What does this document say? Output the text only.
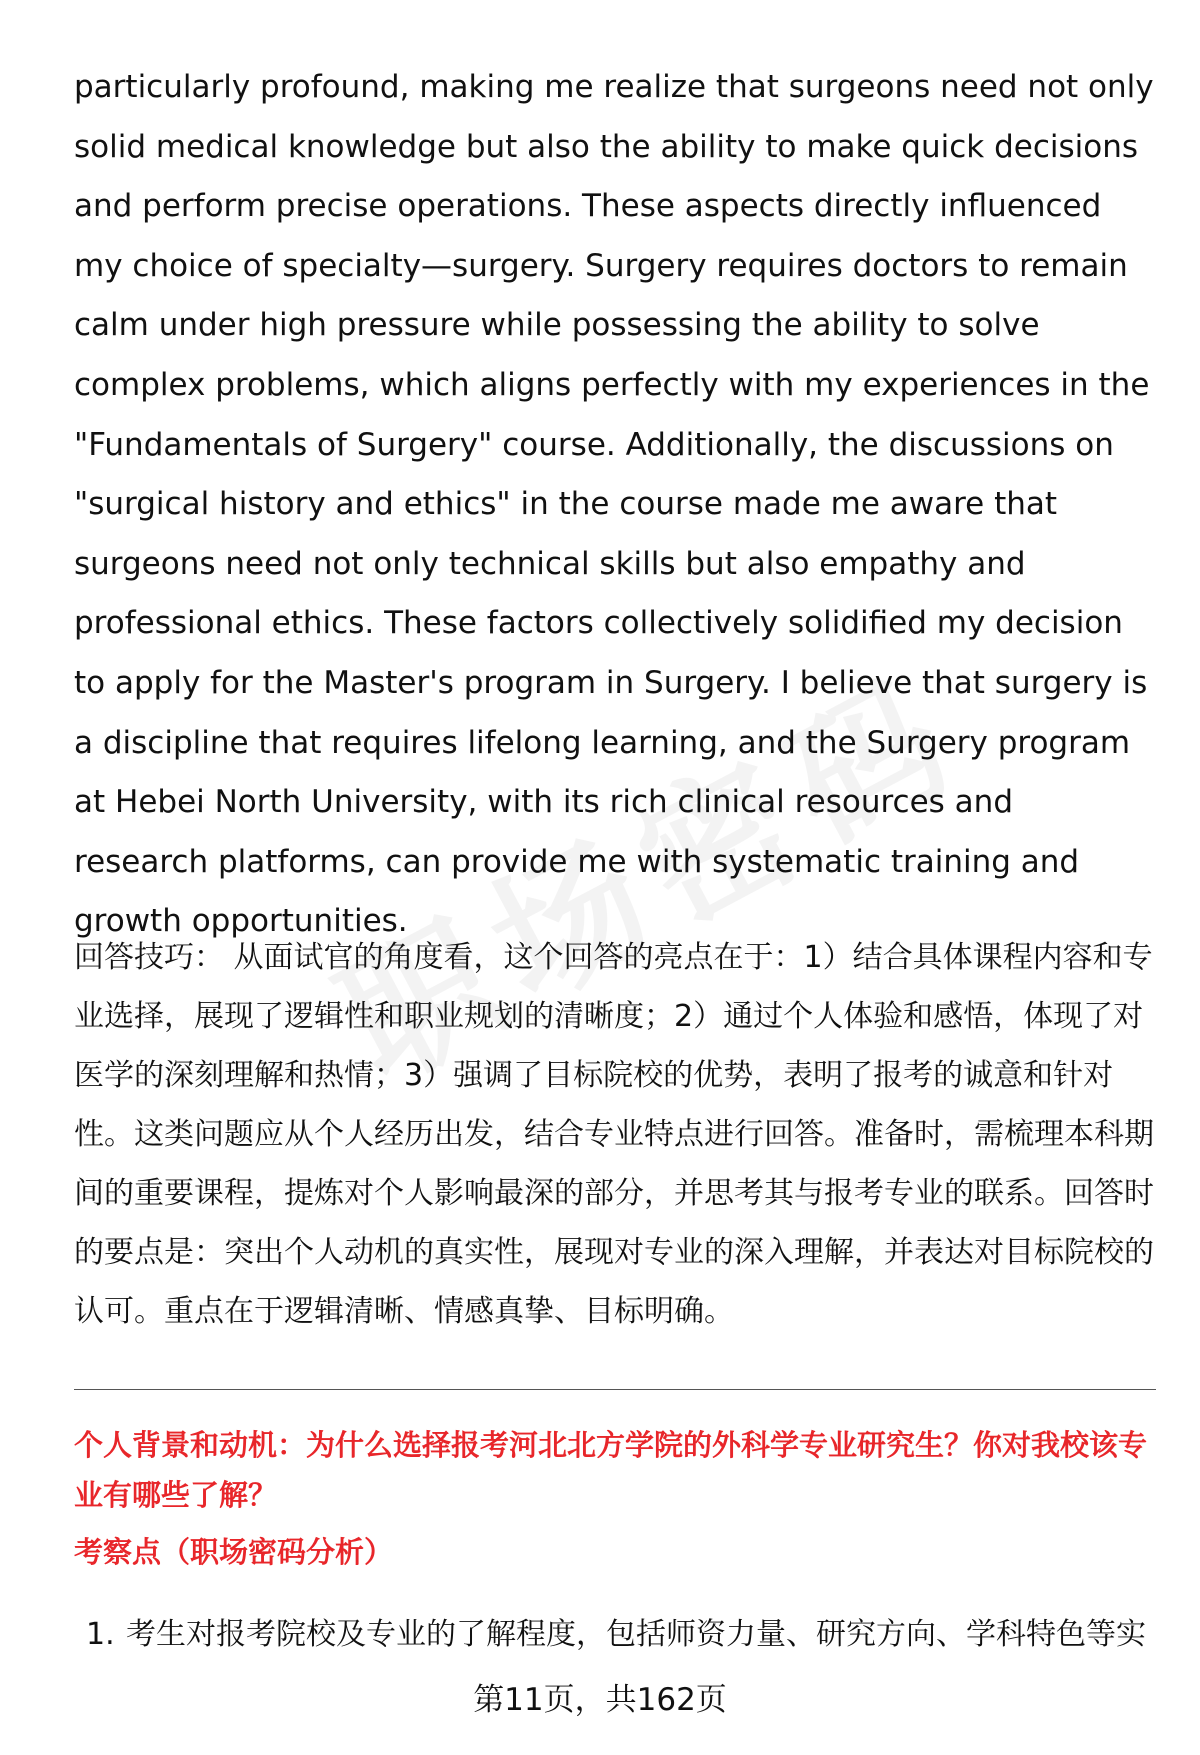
particularly profound, making me realize that surgeons need not only solid medical knowledge but also the ability to make quick decisions and perform precise operations. These aspects directly influenced my choice of specialty—surgery. Surgery requires doctors to remain calm under high pressure while possessing the ability to solve complex problems, which aligns perfectly with my experiences in the "Fundamentals of Surgery" course. Additionally, the discussions on "surgical history and ethics" in the course made me aware that surgeons need not only technical skills but also empathy and professional ethics. These factors collectively solidified my decision to apply for the Master's program in Surgery. I believe that surgery is a discipline that requires lifelong learning, and the Surgery program at Hebei North University, with its rich clinical resources and research platforms, can provide me with systematic training and growth opportunities.

回答技巧： 从面试官的角度看，这个回答的亮点在于：1）结合具体课程内容和专业选择，展现了逻辑性和职业规划的清晰度；2）通过个人体验和感悟，体现了对医学的深刻理解和热情；3）强调了目标院校的优势，表明了报考的诚意和针对性。这类问题应从个人经历出发，结合专业特点进行回答。准备时，需梳理本科期间的重要课程，提炼对个人影响最深的部分，并思考其与报考专业的联系。回答时的要点是：突出个人动机的真实性，展现对专业的深入理解，并表达对目标院校的认可。重点在于逻辑清晰、情感真挚、目标明确。

个人背景和动机：为什么选择报考河北北方学院的外科学专业研究生？你对我校该专业有哪些了解？
考察点（职场密码分析）
1. 考生对报考院校及专业的了解程度，包括师资力量、研究方向、学科特色等实
第11页，共162页
